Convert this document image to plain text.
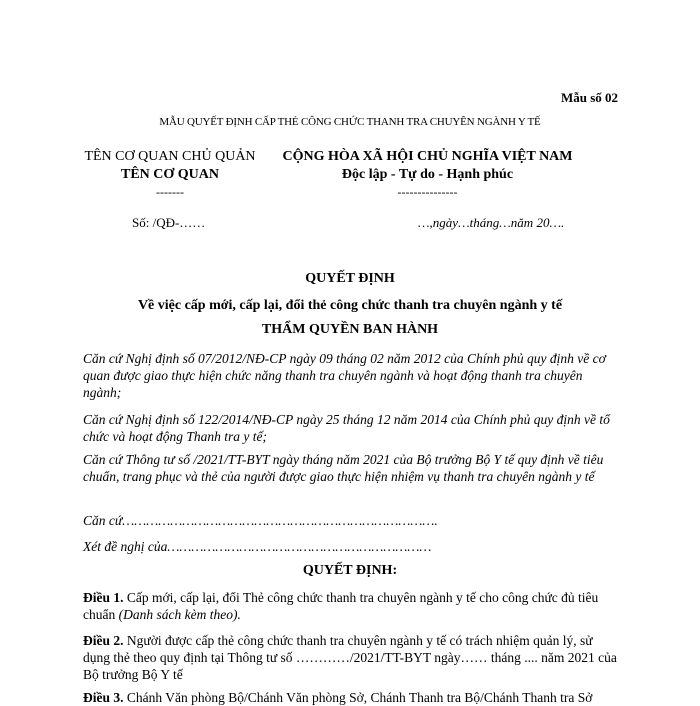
Mẫu số 02
MẪU QUYẾT ĐỊNH CẤP THẺ CÔNG CHỨC THANH TRA CHUYÊN NGÀNH Y TẾ
TÊN CƠ QUAN CHỦ QUẢN
TÊN CƠ QUAN
-------
CỘNG HÒA XÃ HỘI CHỦ NGHĨA VIỆT NAM
Độc lập - Tự do - Hạnh phúc
---------------
Số: /QĐ-……	…,ngày…tháng…năm 20….
QUYẾT ĐỊNH
Về việc cấp mới, cấp lại, đổi thẻ công chức thanh tra chuyên ngành y tế
THẨM QUYỀN BAN HÀNH
Căn cứ Nghị định số 07/2012/NĐ-CP ngày 09 tháng 02 năm 2012 của Chính phủ quy định về cơ quan được giao thực hiện chức năng thanh tra chuyên ngành và hoạt động thanh tra chuyên ngành;
Căn cứ Nghị định số 122/2014/NĐ-CP ngày 25 tháng 12 năm 2014 của Chính phủ quy định về tổ chức và hoạt động Thanh tra y tế;
Căn cứ Thông tư số /2021/TT-BYT ngày tháng năm 2021 của Bộ trưởng Bộ Y tế quy định về tiêu chuẩn, trang phục và thẻ của người được giao thực hiện nhiệm vụ thanh tra chuyên ngành y tế
Căn cứ…………………………………………………………………….
Xét đề nghị của…………………………………………………………
QUYẾT ĐỊNH:
Điều 1. Cấp mới, cấp lại, đổi Thẻ công chức thanh tra chuyên ngành y tế cho công chức đủ tiêu chuẩn (Danh sách kèm theo).
Điều 2. Người được cấp thẻ công chức thanh tra chuyên ngành y tế có trách nhiệm quản lý, sử dụng thẻ theo quy định tại Thông tư số …………/2021/TT-BYT ngày…… tháng .... năm 2021 của Bộ trưởng Bộ Y tế
Điều 3. Chánh Văn phòng Bộ/Chánh Văn phòng Sở, Chánh Thanh tra Bộ/Chánh Thanh tra Sở
